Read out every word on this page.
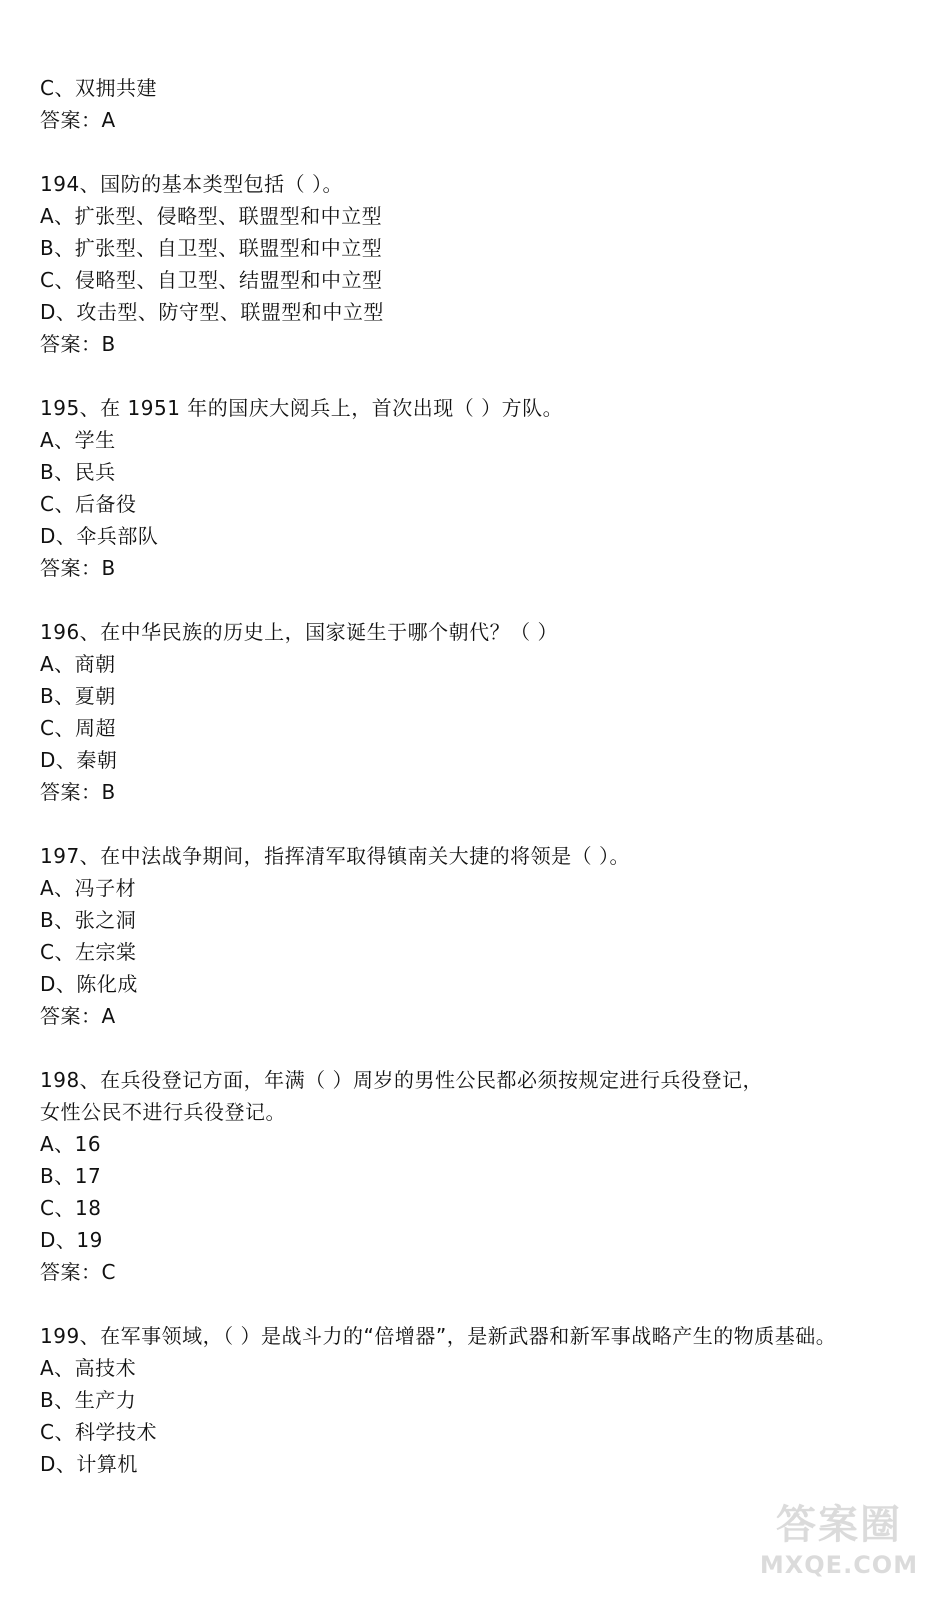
C、双拥共建
答案：A
194、国防的基本类型包括（ ）。
A、扩张型、侵略型、联盟型和中立型
B、扩张型、自卫型、联盟型和中立型
C、侵略型、自卫型、结盟型和中立型
D、攻击型、防守型、联盟型和中立型
答案：B
195、在 1951 年的国庆大阅兵上，首次出现（ ）方队。
A、学生
B、民兵
C、后备役
D、伞兵部队
答案：B
196、在中华民族的历史上，国家诞生于哪个朝代？（ ）
A、商朝
B、夏朝
C、周超
D、秦朝
答案：B
197、在中法战争期间，指挥清军取得镇南关大捷的将领是（ ）。
A、冯子材
B、张之洞
C、左宗棠
D、陈化成
答案：A
198、在兵役登记方面，年满（ ）周岁的男性公民都必须按规定进行兵役登记，
女性公民不进行兵役登记。
A、16
B、17
C、18
D、19
答案：C
199、在军事领域，（ ）是战斗力的“倍增器”，是新武器和新军事战略产生的物质基础。
A、高技术
B、生产力
C、科学技术
D、计算机
答案圈
MXQE.COM
